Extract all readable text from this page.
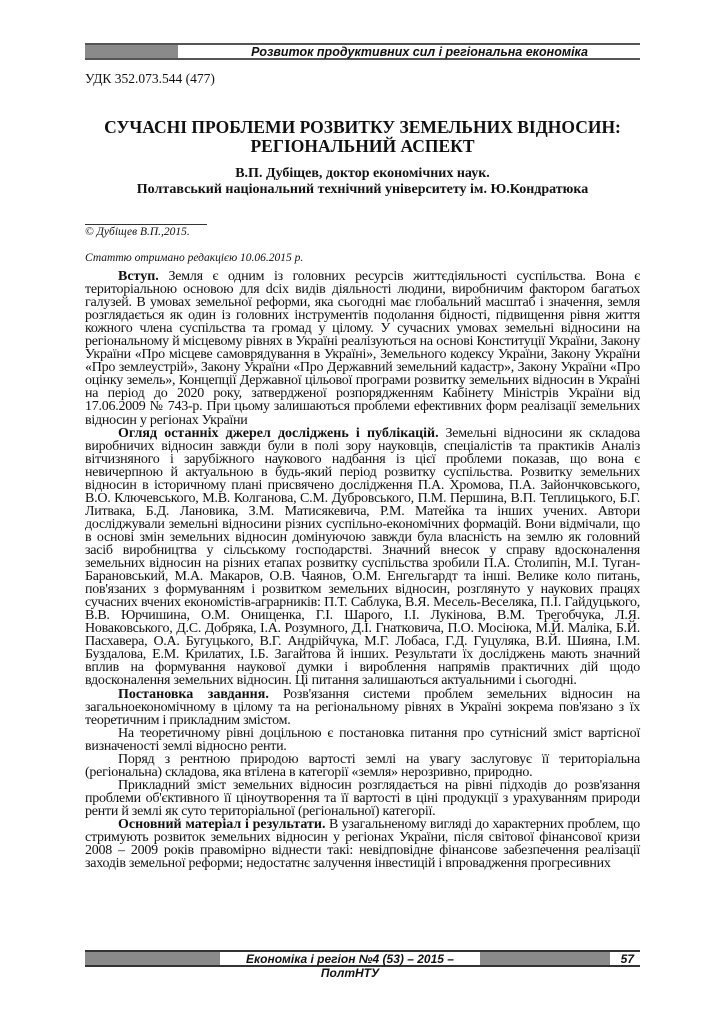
Розвиток продуктивних сил і регіональна економіка
УДК 352.073.544 (477)
СУЧАСНІ ПРОБЛЕМИ РОЗВИТКУ ЗЕМЕЛЬНИХ ВІДНОСИН:
РЕГІОНАЛЬНИЙ АСПЕКТ
В.П. Дубіщев, доктор економічних наук.
Полтавський національний технічний університету ім. Ю.Кондратюка
© Дубіщев В.П.,2015.
Статтю отримано редакцією 10.06.2015 р.

Вступ. Земля є одним із головних ресурсів життєдіяльності суспільства. Вона є територіальною основою для dcix видів діяльності людини, виробничим фактором багатьох галузей. В умовах земельної реформи, яка сьогодні має глобальний масштаб і значення, земля розглядається як один із головних інструментів подолання бідності, підвищення рівня життя кожного члена суспільства та громад у цілому. У сучасних умовах земельні відносини на регіональному й місцевому рівнях в Україні реалізуються на основі Конституції України, Закону України «Про місцеве самоврядування в Україні», Земельного кодексу України, Закону України «Про землеустрій», Закону України «Про Державний земельний кадастр», Закону України «Про оцінку земель», Концепції Державної цільової програми розвитку земельних відносин в Україні на період до 2020 року, затвердженої розпорядженням Кабінету Міністрів України від 17.06.2009 № 743-р. При цьому залишаються проблеми ефективних форм реалізації земельних відносин у регіонах України

Огляд останніх джерел досліджень і публікацій. Земельні відносини як складова виробничих відносин завжди були в полі зору науковців, спеціалістів та практиків Аналіз вітчизняного і зарубіжного наукового надбання із цієї проблеми показав, що вона є невичерпною й актуальною в будь-який період розвитку суспільства. Розвитку земельних відносин в історичному плані присвячено дослідження П.А. Хромова, П.А. Зайончковського, В.О. Ключевського, М.В. Колганова, С.М. Дубровського, П.М. Першина, В.П. Теплицького, Б.Г. Литвака, Б.Д. Лановика, З.М. Матисякевича, Р.М. Матейка та інших учених. Автори досліджували земельні відносини різних суспільно-економічних формацій. Вони відмічали, що в основі змін земельних відносин домінуючою завжди була власність на землю як головний засіб виробництва у сільському господарстві. Значний внесок у справу вдосконалення земельних відносин на різних етапах розвитку суспільства зробили П.А. Столипін, М.І. Туган-Барановський, М.А. Макаров, О.В. Чаянов, О.М. Енгельгардт та інші. Велике коло питань, пов'язаних з формуванням і розвитком земельних відносин, розглянуто у наукових працях сучасних вчених економістів-аграрників: П.Т. Саблука, В.Я. Месель-Веселяка, П.І. Гайдуцького, В.В. Юрчишина, О.М. Онищенка, Г.І. Шарого, І.І. Лукінова, В.М. Трегобчука, Л.Я. Новаковського, Д.С. Добряка, І.А. Розумного, Д.І. Гнатковича, П.О. Мосіюка, М.Й. Маліка, Б.Й. Пасхавера, О.А. Бугуцького, В.Г. Андрійчука, М.Г. Лобаса, Г.Д. Гуцуляка, В.Й. Шияна, І.М. Буздалова, Е.М. Крилатих, І.Б. Загайтова й інших. Результати їх досліджень мають значний вплив на формування наукової думки і вироблення напрямів практичних дій щодо вдосконалення земельних відносин. Ці питання залишаються актуальними і сьогодні.

Постановка завдання. Розв'язання системи проблем земельних відносин на загальноекономічному в цілому та на регіональному рівнях в Україні зокрема пов'язано з їх теоретичним і прикладним змістом.

На теоретичному рівні доцільною є постановка питання про сутнісний зміст вартісної визначеності землі відносно ренти.

Поряд з рентною природою вартості землі на увагу заслуговує її територіальна (регіональна) складова, яка втілена в категорії «земля» нерозривно, природно.

Прикладний зміст земельних відносин розглядається на рівні підходів до розв'язання проблеми об'єктивного її ціноутворення та її вартості в ціні продукції з урахуванням природи ренти й землі як суто територіальної (регіональної) категорії.

Основний матеріал і результати. В узагальненому вигляді до характерних проблем, що стримують розвиток земельних відносин у регіонах України, після світової фінансової кризи 2008 – 2009 років правомірно віднести такі: невідповідне фінансове забезпечення реалізації заходів земельної реформи; недостатнє залучення інвестицій і впровадження прогресивних

Економіка і регіон №4 (53) – 2015 – ПолтНТУ
57
